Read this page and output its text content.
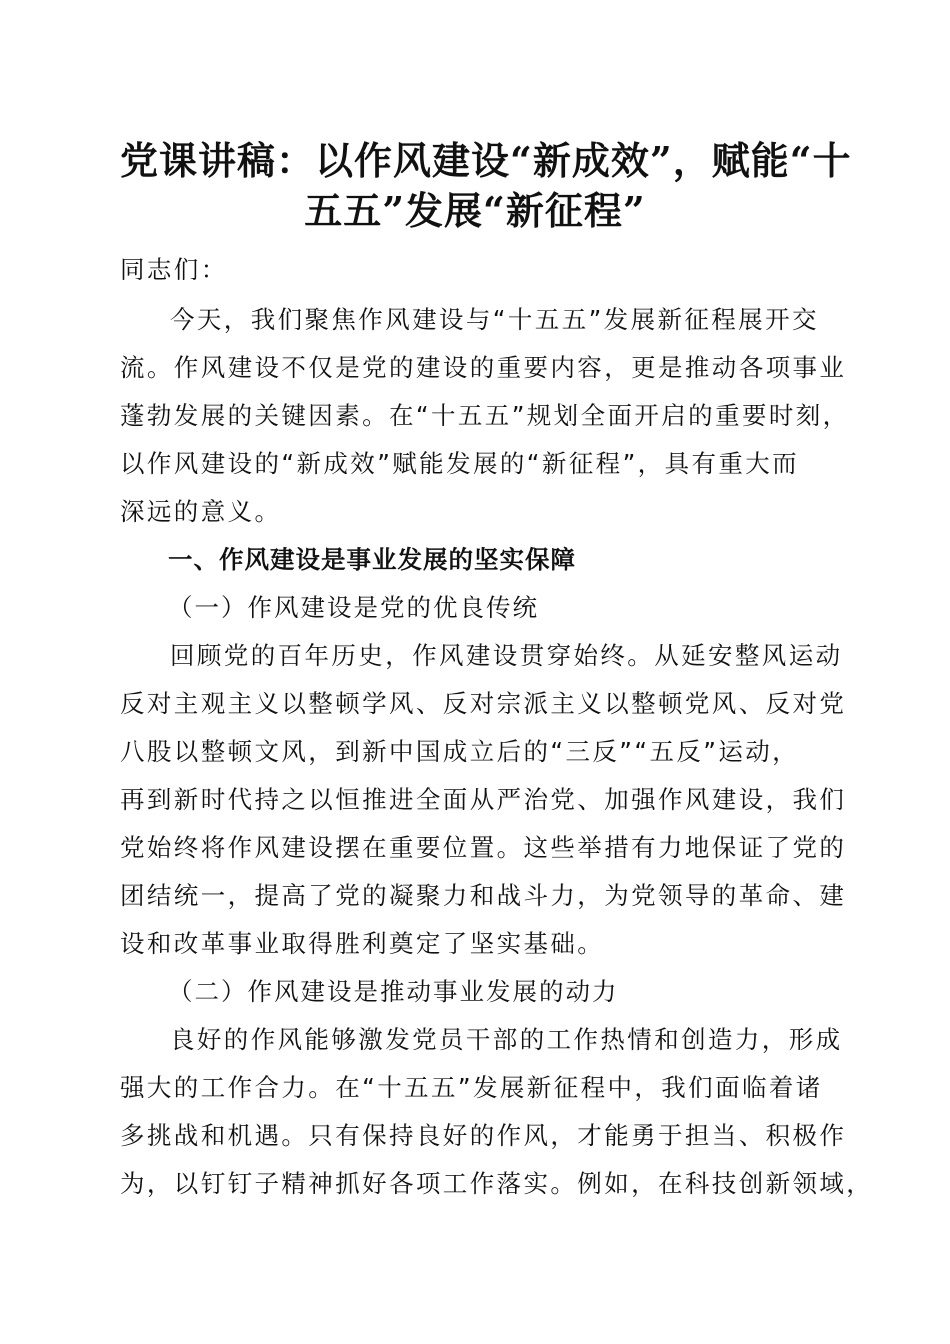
党课讲稿：以作风建设“新成效”，赋能“十
五五”发展“新征程”
同志们：
今天，我们聚焦作风建设与“十五五”发展新征程展开交
流。作风建设不仅是党的建设的重要内容，更是推动各项事业
蓬勃发展的关键因素。在“十五五”规划全面开启的重要时刻，
以作风建设的“新成效”赋能发展的“新征程”，具有重大而
深远的意义。
一、作风建设是事业发展的坚实保障
（一）作风建设是党的优良传统
回顾党的百年历史，作风建设贯穿始终。从延安整风运动
反对主观主义以整顿学风、反对宗派主义以整顿党风、反对党
八股以整顿文风，到新中国成立后的“三反”“五反”运动，
再到新时代持之以恒推进全面从严治党、加强作风建设，我们
党始终将作风建设摆在重要位置。这些举措有力地保证了党的
团结统一，提高了党的凝聚力和战斗力，为党领导的革命、建
设和改革事业取得胜利奠定了坚实基础。
（二）作风建设是推动事业发展的动力
良好的作风能够激发党员干部的工作热情和创造力，形成
强大的工作合力。在“十五五”发展新征程中，我们面临着诸
多挑战和机遇。只有保持良好的作风，才能勇于担当、积极作
为，以钉钉子精神抓好各项工作落实。例如，在科技创新领域，
